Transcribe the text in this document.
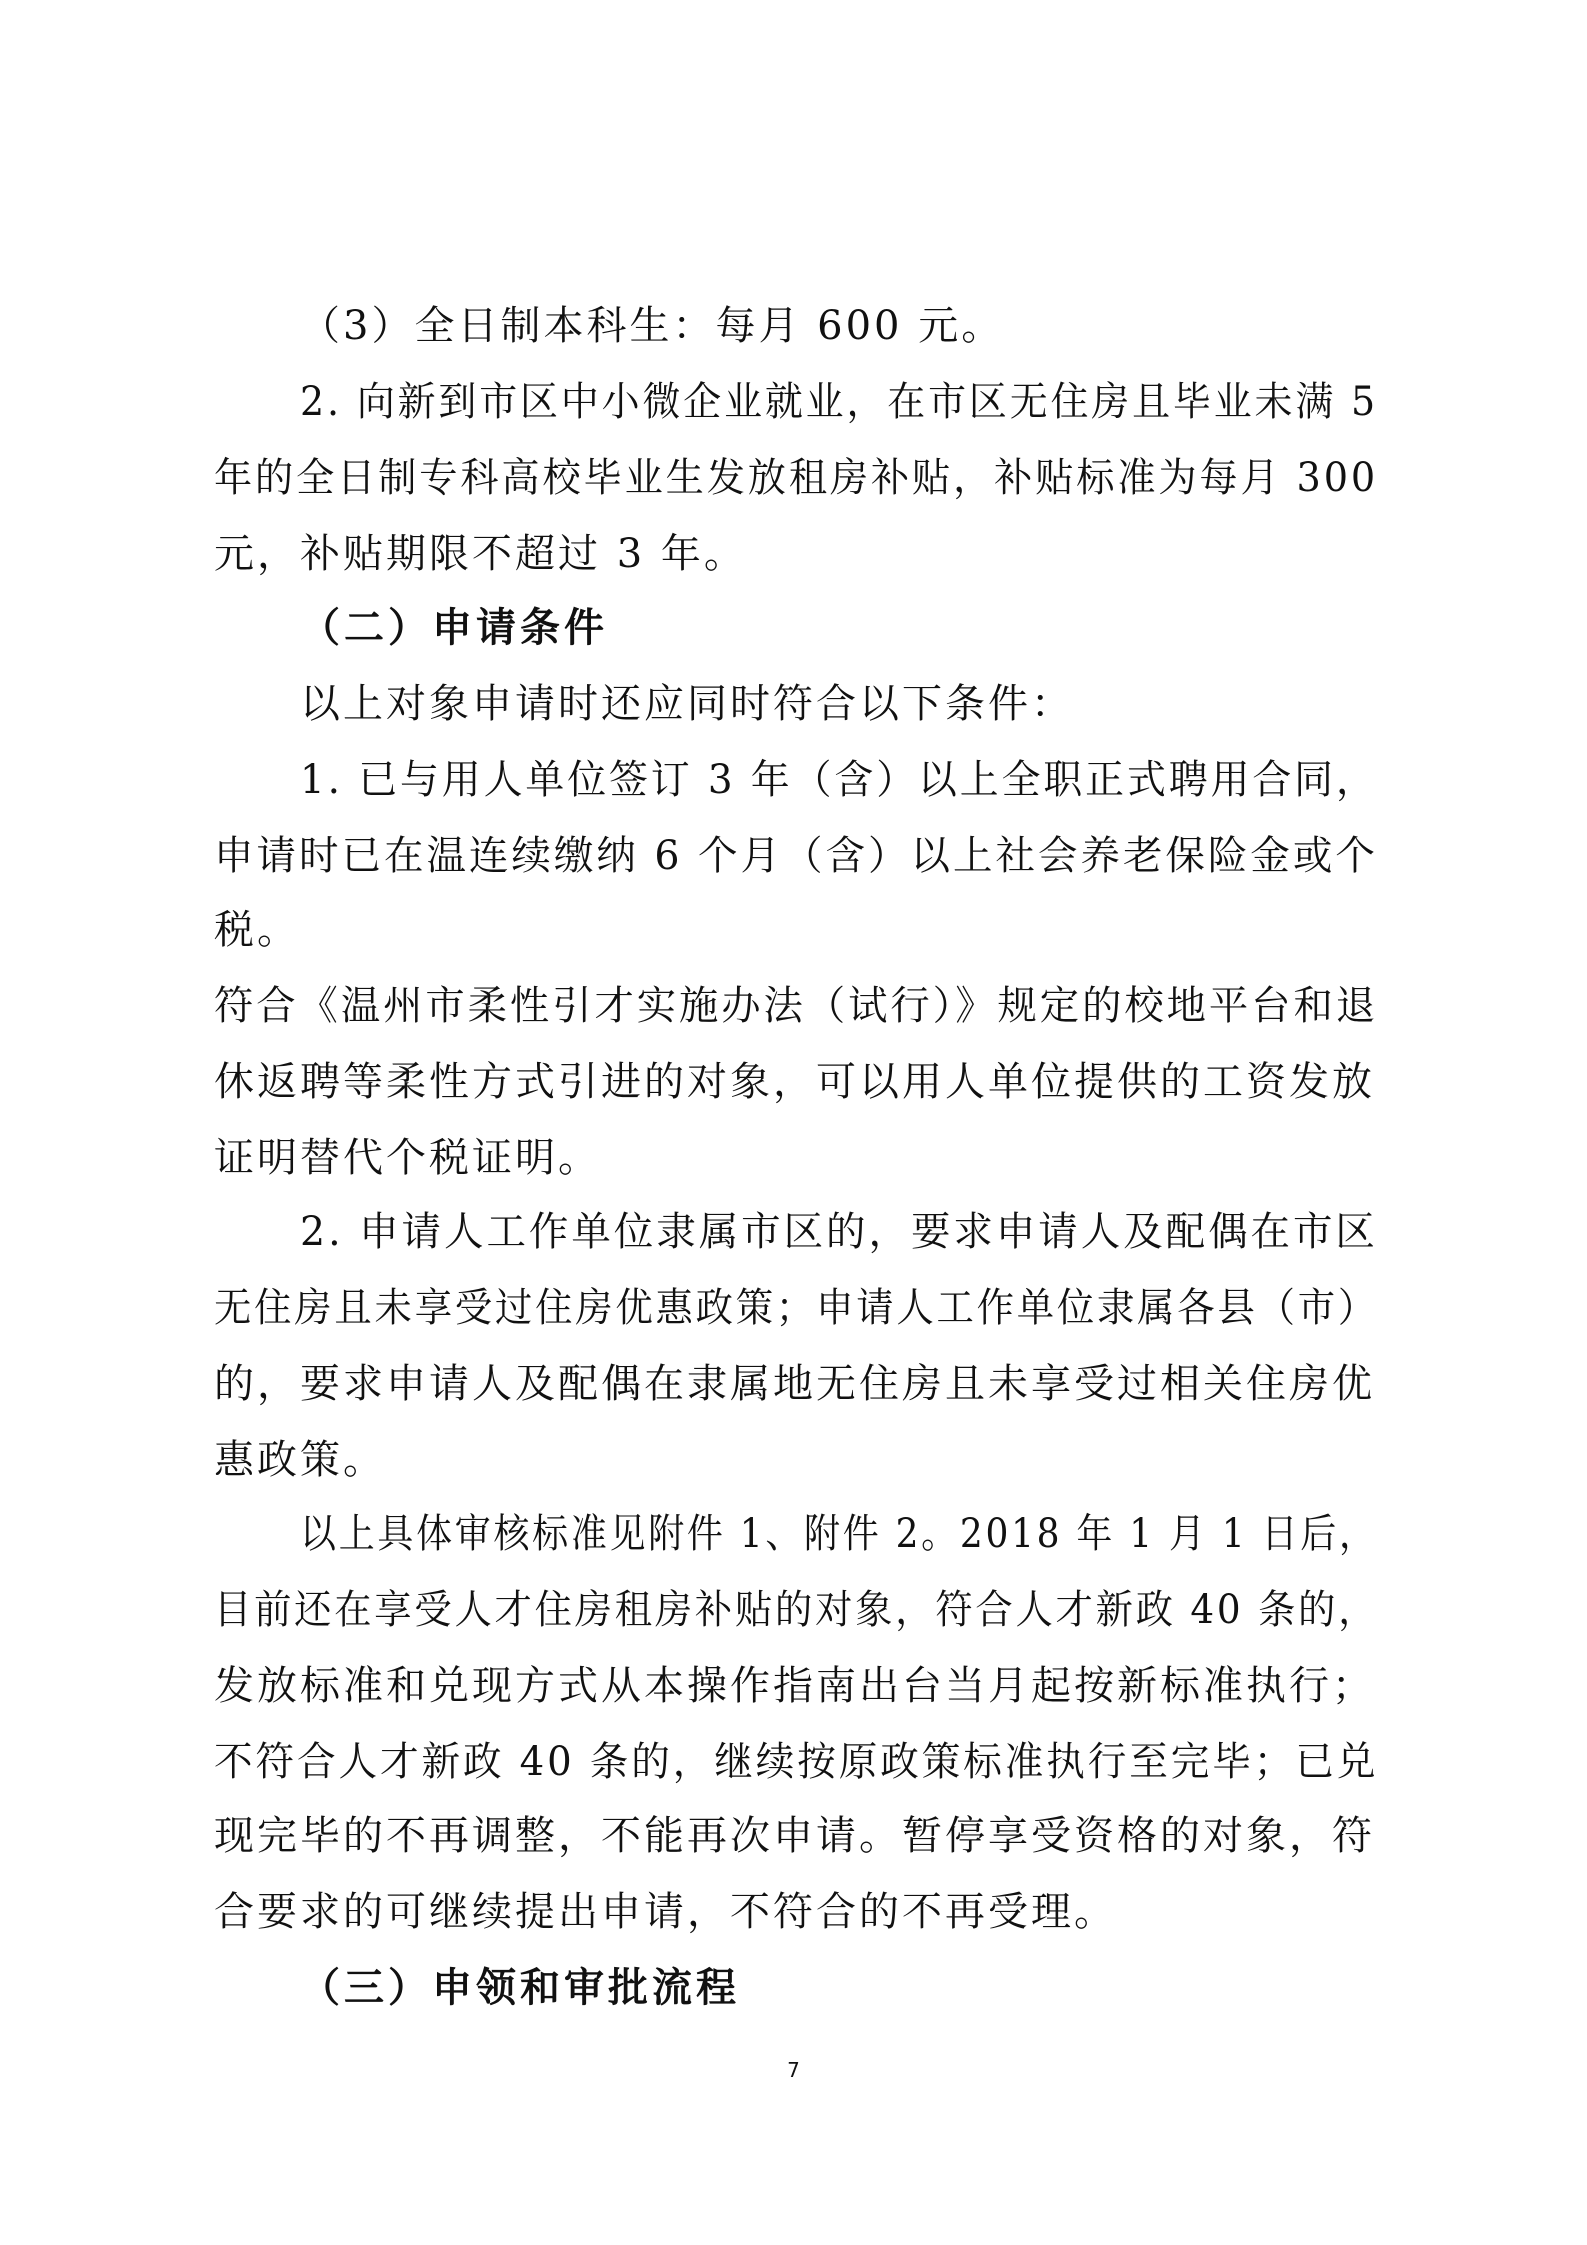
（3）全日制本科生：每月 600 元。
2. 向新到市区中小微企业就业，在市区无住房且毕业未满 5
年的全日制专科高校毕业生发放租房补贴，补贴标准为每月 300
元，补贴期限不超过 3 年。
（二）申请条件
以上对象申请时还应同时符合以下条件：
1. 已与用人单位签订 3 年（含）以上全职正式聘用合同，
申请时已在温连续缴纳 6 个月（含）以上社会养老保险金或个
税。
符合《温州市柔性引才实施办法（试行）》规定的校地平台和退
休返聘等柔性方式引进的对象，可以用人单位提供的工资发放
证明替代个税证明。
2. 申请人工作单位隶属市区的，要求申请人及配偶在市区
无住房且未享受过住房优惠政策；申请人工作单位隶属各县（市）
的，要求申请人及配偶在隶属地无住房且未享受过相关住房优
惠政策。
以上具体审核标准见附件 1、附件 2。2018 年 1 月 1 日后，
目前还在享受人才住房租房补贴的对象，符合人才新政 40 条的，
发放标准和兑现方式从本操作指南出台当月起按新标准执行；
不符合人才新政 40 条的，继续按原政策标准执行至完毕；已兑
现完毕的不再调整，不能再次申请。暂停享受资格的对象，符
合要求的可继续提出申请，不符合的不再受理。
（三）申领和审批流程
7
